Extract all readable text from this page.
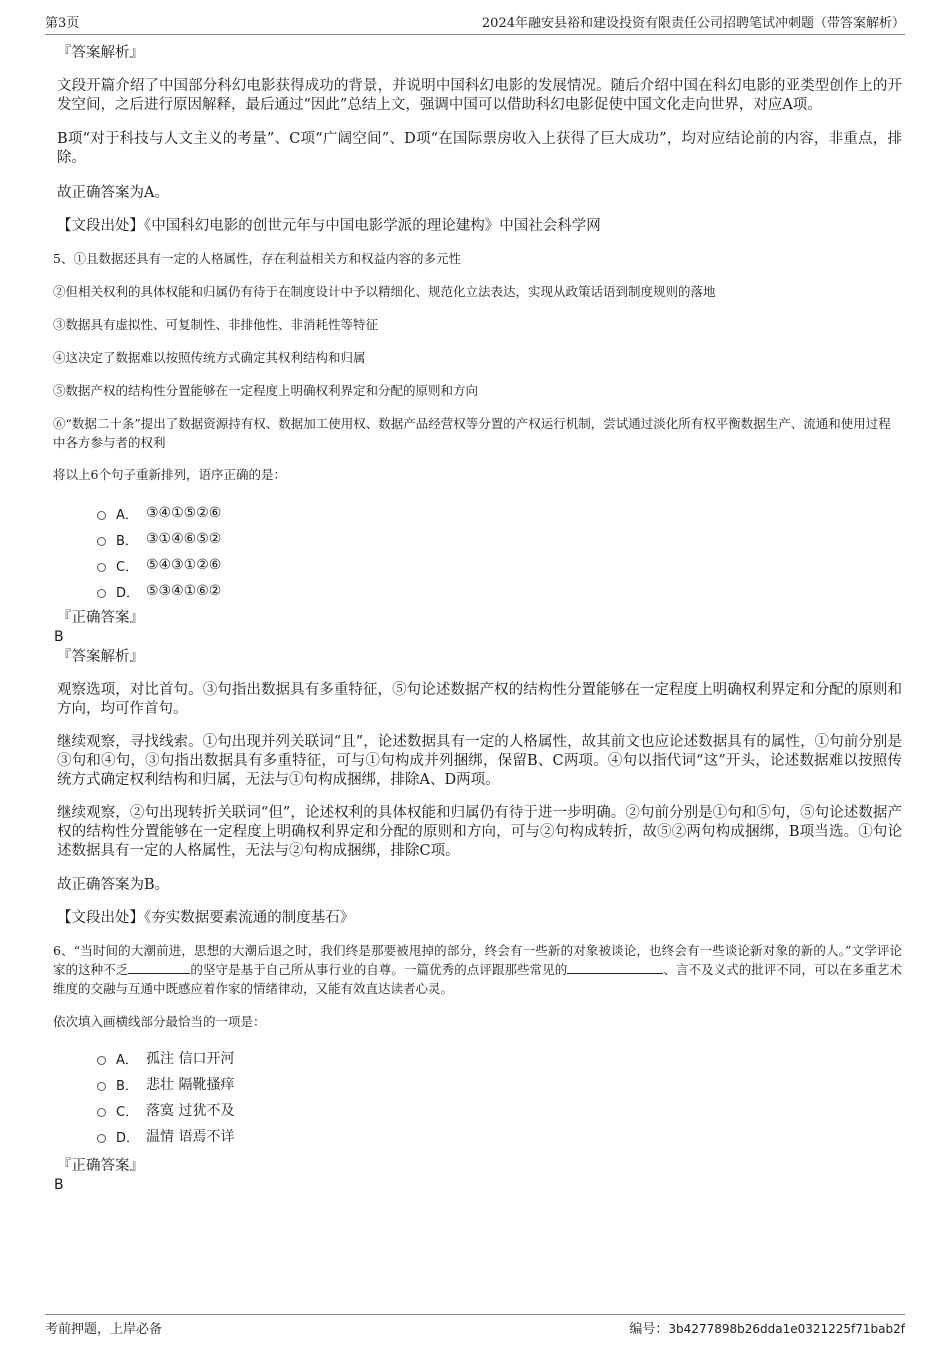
第3页	2024年融安县裕和建设投资有限责任公司招聘笔试冲刺题（带答案解析）

『答案解析』

文段开篇介绍了中国部分科幻电影获得成功的背景，并说明中国科幻电影的发展情况。随后介绍中国在科幻电影的亚类型创作上的开发空间，之后进行原因解释，最后通过“因此”总结上文，强调中国可以借助科幻电影促使中国文化走向世界，对应A项。

B项“对于科技与人文主义的考量”、C项“广阔空间”、D项“在国际票房收入上获得了巨大成功”，均对应结论前的内容，非重点，排除。

故正确答案为A。

【文段出处】《中国科幻电影的创世元年与中国电影学派的理论建构》中国社会科学网

5、①且数据还具有一定的人格属性，存在利益相关方和权益内容的多元性

②但相关权利的具体权能和归属仍有待于在制度设计中予以精细化、规范化立法表达，实现从政策话语到制度规则的落地

③数据具有虚拟性、可复制性、非排他性、非消耗性等特征

④这决定了数据难以按照传统方式确定其权利结构和归属

⑤数据产权的结构性分置能够在一定程度上明确权利界定和分配的原则和方向

⑥“数据二十条”提出了数据资源持有权、数据加工使用权、数据产品经营权等分置的产权运行机制，尝试通过淡化所有权平衡数据生产、流通和使用过程中各方参与者的权利

将以上6个句子重新排列，语序正确的是：

A． ③④①⑤②⑥
B． ③①④⑥⑤②
C． ⑤④③①②⑥
D． ⑤③④①⑥②

『正确答案』

B

『答案解析』

观察选项，对比首句。③句指出数据具有多重特征，⑤句论述数据产权的结构性分置能够在一定程度上明确权利界定和分配的原则和方向，均可作首句。

继续观察，寻找线索。①句出现并列关联词“且”，论述数据具有一定的人格属性，故其前文也应论述数据具有的属性，①句前分别是③句和④句，③句指出数据具有多重特征，可与①句构成并列捆绑，保留B、C两项。④句以指代词“这”开头，论述数据难以按照传统方式确定权利结构和归属，无法与①句构成捆绑，排除A、D两项。

继续观察，②句出现转折关联词“但”，论述权利的具体权能和归属仍有待于进一步明确。②句前分别是①句和⑤句，⑤句论述数据产权的结构性分置能够在一定程度上明确权利界定和分配的原则和方向，可与②句构成转折，故⑤②两句构成捆绑，B项当选。①句论述数据具有一定的人格属性，无法与②句构成捆绑，排除C项。

故正确答案为B。

【文段出处】《夯实数据要素流通的制度基石》

6、“当时间的大潮前进，思想的大潮后退之时，我们终是那要被甩掉的部分，终会有一些新的对象被谈论，也终会有一些谈论新对象的新的人。”文学评论家的这种不乏	的坚守是基于自己所从事行业的自尊。一篇优秀的点评跟那些常见的	、言不及义式的批评不同，可以在多重艺术维度的交融与互通中既感应着作家的情绪律动，又能有效直达读者心灵。

依次填入画横线部分最恰当的一项是：

A． 孤注 信口开河
B． 悲壮 隔靴搔痒
C． 落寞 过犹不及
D． 温情 语焉不详

『正确答案』

B

考前押题，上岸必备	编号：3b4277898b26dda1e0321225f71bab2f
